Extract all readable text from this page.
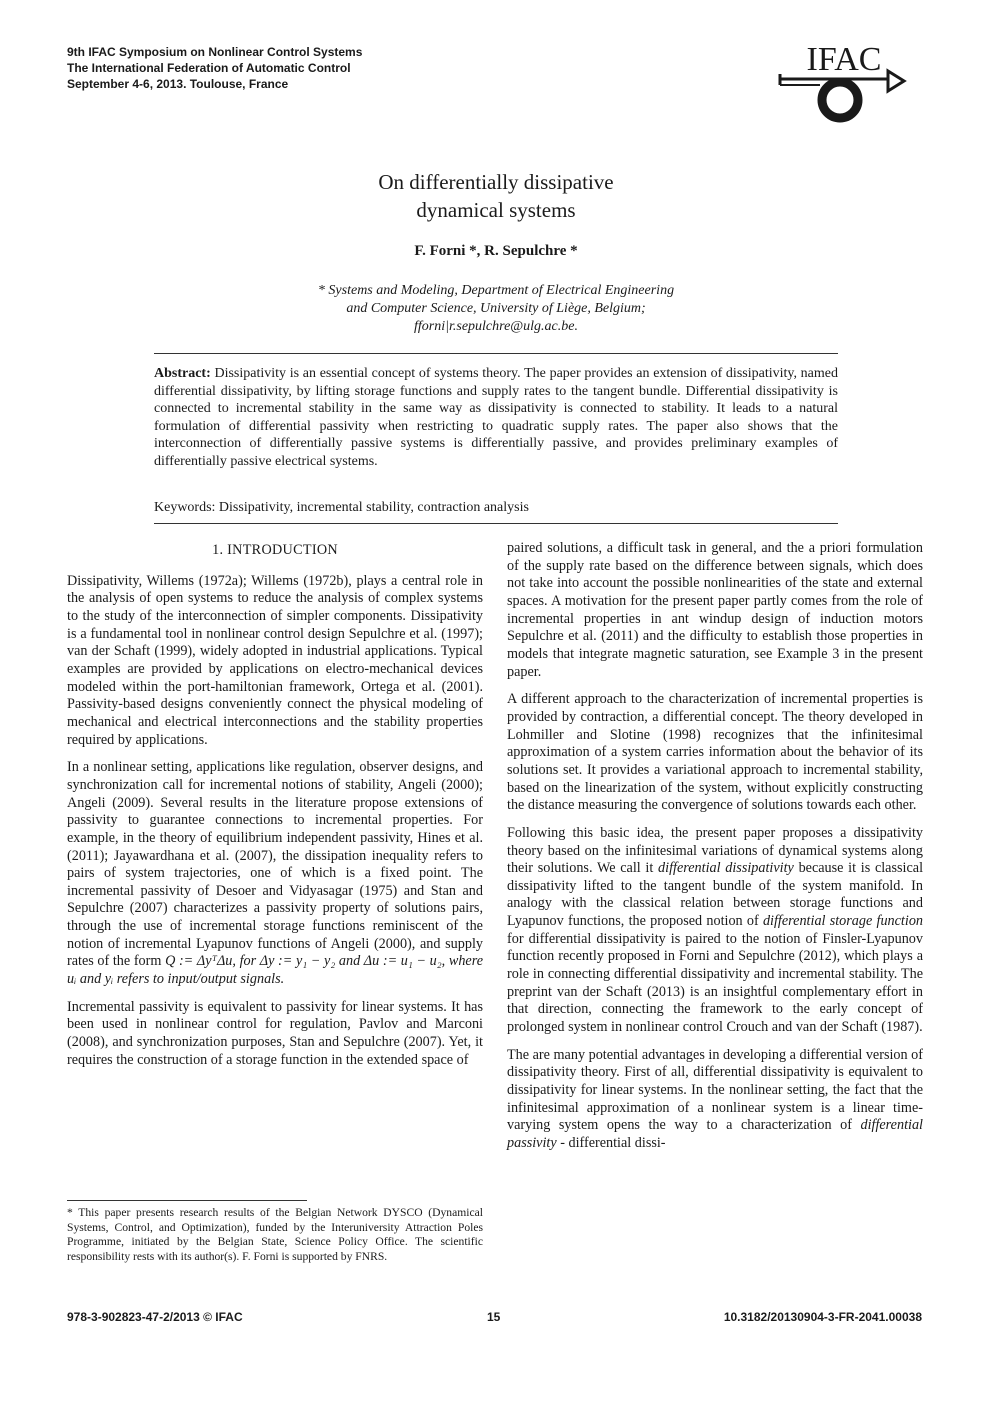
9th IFAC Symposium on Nonlinear Control Systems
The International Federation of Automatic Control
September 4-6, 2013. Toulouse, France
IFAC
On differentially dissipative
dynamical systems
F. Forni *, R. Sepulchre *
* Systems and Modeling, Department of Electrical Engineering
and Computer Science, University of Liège, Belgium;
fforni|r.sepulchre@ulg.ac.be.
Abstract: Dissipativity is an essential concept of systems theory. The paper provides an extension of dissipativity, named differential dissipativity, by lifting storage functions and supply rates to the tangent bundle. Differential dissipativity is connected to incremental stability in the same way as dissipativity is connected to stability. It leads to a natural formulation of differential passivity when restricting to quadratic supply rates. The paper also shows that the interconnection of differentially passive systems is differentially passive, and provides preliminary examples of differentially passive electrical systems.
Keywords: Dissipativity, incremental stability, contraction analysis
1. INTRODUCTION

Dissipativity, Willems (1972a); Willems (1972b), plays a central role in the analysis of open systems to reduce the analysis of complex systems to the study of the interconnection of simpler components. Dissipativity is a fundamental tool in nonlinear control design Sepulchre et al. (1997); van der Schaft (1999), widely adopted in industrial applications. Typical examples are provided by applications on electro-mechanical devices modeled within the port-hamiltonian framework, Ortega et al. (2001). Passivity-based designs conveniently connect the physical modeling of mechanical and electrical interconnections and the stability properties required by applications.

In a nonlinear setting, applications like regulation, observer designs, and synchronization call for incremental notions of stability, Angeli (2000); Angeli (2009). Several results in the literature propose extensions of passivity to guarantee connections to incremental properties. For example, in the theory of equilibrium independent passivity, Hines et al. (2011); Jayawardhana et al. (2007), the dissipation inequality refers to pairs of system trajectories, one of which is a fixed point. The incremental passivity of Desoer and Vidyasagar (1975) and Stan and Sepulchre (2007) characterizes a passivity property of solutions pairs, through the use of incremental storage functions reminiscent of the notion of incremental Lyapunov functions of Angeli (2000), and supply rates of the form Q := ΔyᵀΔu, for Δy := y₁ − y₂ and Δu := u₁ − u₂, where uᵢ and yᵢ refers to input/output signals.

Incremental passivity is equivalent to passivity for linear systems. It has been used in nonlinear control for regulation, Pavlov and Marconi (2008), and synchronization purposes, Stan and Sepulchre (2007). Yet, it requires the construction of a storage function in the extended space of

* This paper presents research results of the Belgian Network DYSCO (Dynamical Systems, Control, and Optimization), funded by the Interuniversity Attraction Poles Programme, initiated by the Belgian State, Science Policy Office. The scientific responsibility rests with its author(s). F. Forni is supported by FNRS.

paired solutions, a difficult task in general, and the a priori formulation of the supply rate based on the difference between signals, which does not take into account the possible nonlinearities of the state and external spaces. A motivation for the present paper partly comes from the role of incremental properties in ant windup design of induction motors Sepulchre et al. (2011) and the difficulty to establish those properties in models that integrate magnetic saturation, see Example 3 in the present paper.

A different approach to the characterization of incremental properties is provided by contraction, a differential concept. The theory developed in Lohmiller and Slotine (1998) recognizes that the infinitesimal approximation of a system carries information about the behavior of its solutions set. It provides a variational approach to incremental stability, based on the linearization of the system, without explicitly constructing the distance measuring the convergence of solutions towards each other.

Following this basic idea, the present paper proposes a dissipativity theory based on the infinitesimal variations of dynamical systems along their solutions. We call it differential dissipativity because it is classical dissipativity lifted to the tangent bundle of the system manifold. In analogy with the classical relation between storage functions and Lyapunov functions, the proposed notion of differential storage function for differential dissipativity is paired to the notion of Finsler-Lyapunov function recently proposed in Forni and Sepulchre (2012), which plays a role in connecting differential dissipativity and incremental stability. The preprint van der Schaft (2013) is an insightful complementary effort in that direction, connecting the framework to the early concept of prolonged system in nonlinear control Crouch and van der Schaft (1987).

The are many potential advantages in developing a differential version of dissipativity theory. First of all, differential dissipativity is equivalent to dissipativity for linear systems. In the nonlinear setting, the fact that the infinitesimal approximation of a nonlinear system is a linear time-varying system opens the way to a characterization of differential passivity - differential dissi-

978-3-902823-47-2/2013 © IFAC	15	10.3182/20130904-3-FR-2041.00038
